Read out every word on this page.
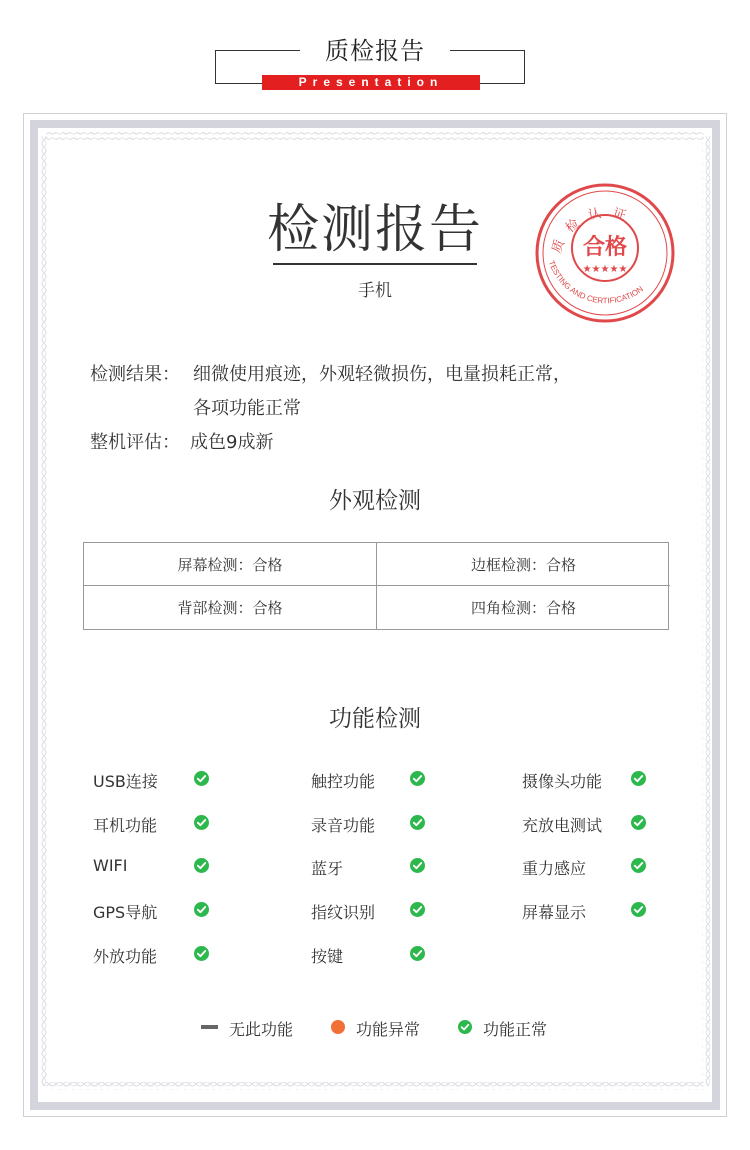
质检报告
Presentation
检测报告
手机
质 检 认 证
合格
★★★★★
TESTING AND CERTIFICATION
检测结果： 细微使用痕迹，外观轻微损伤，电量损耗正常，
各项功能正常
整机评估： 成色9成新
外观检测
屏幕检测：合格	边框检测：合格
背部检测：合格	四角检测：合格
功能检测
USB连接	触控功能	摄像头功能
耳机功能	录音功能	充放电测试
WIFI	蓝牙	重力感应
GPS导航	指纹识别	屏幕显示
外放功能	按键
无此功能	功能异常	功能正常
